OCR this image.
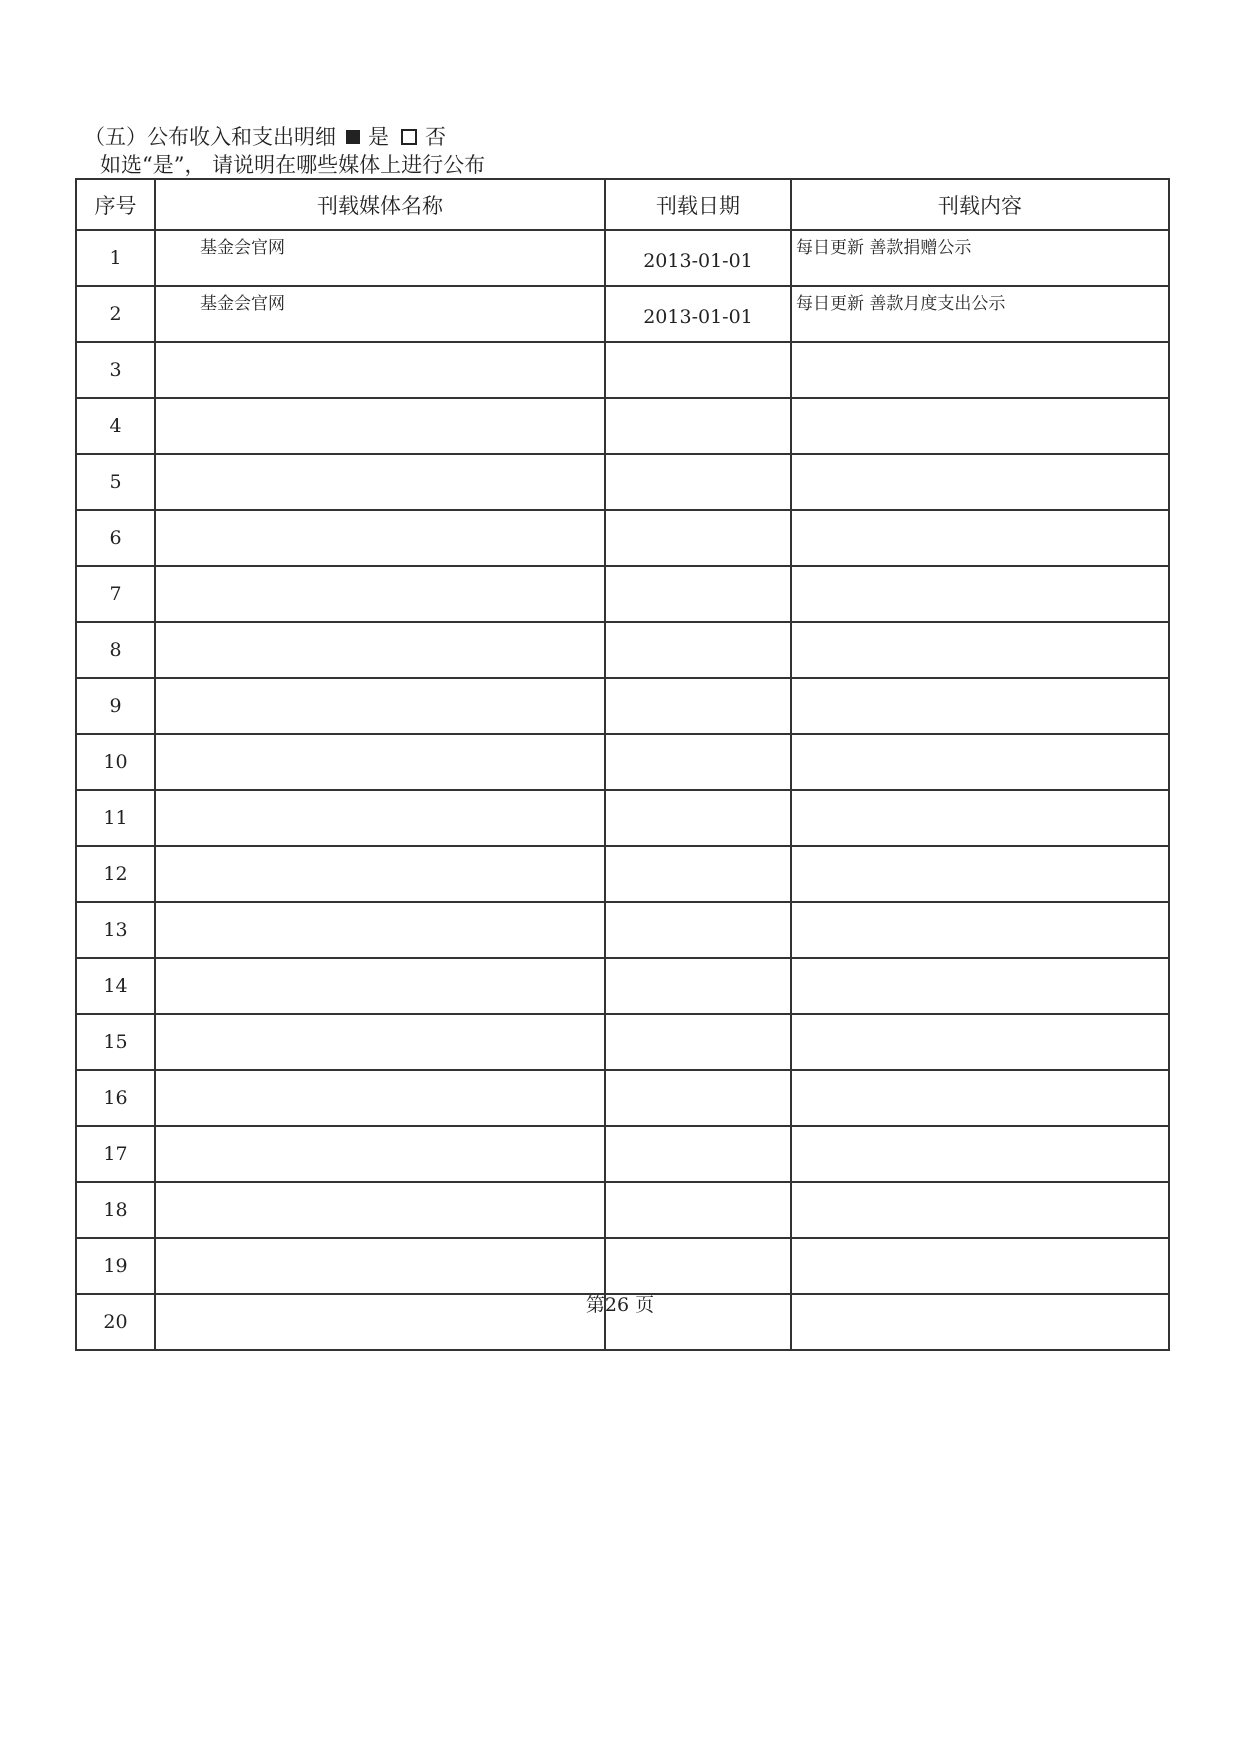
（五）公布收入和支出明细 是 否
如选“是”， 请说明在哪些媒体上进行公布
序号	刊载媒体名称	刊载日期	刊载内容
1	基金会官网	2013-01-01	每日更新 善款捐赠公示
2	基金会官网	2013-01-01	每日更新 善款月度支出公示
3			
4			
5			
6			
7			
8			
9			
10			
11			
12			
13			
14			
15			
16			
17			
18			
19			
20			
第26 页
